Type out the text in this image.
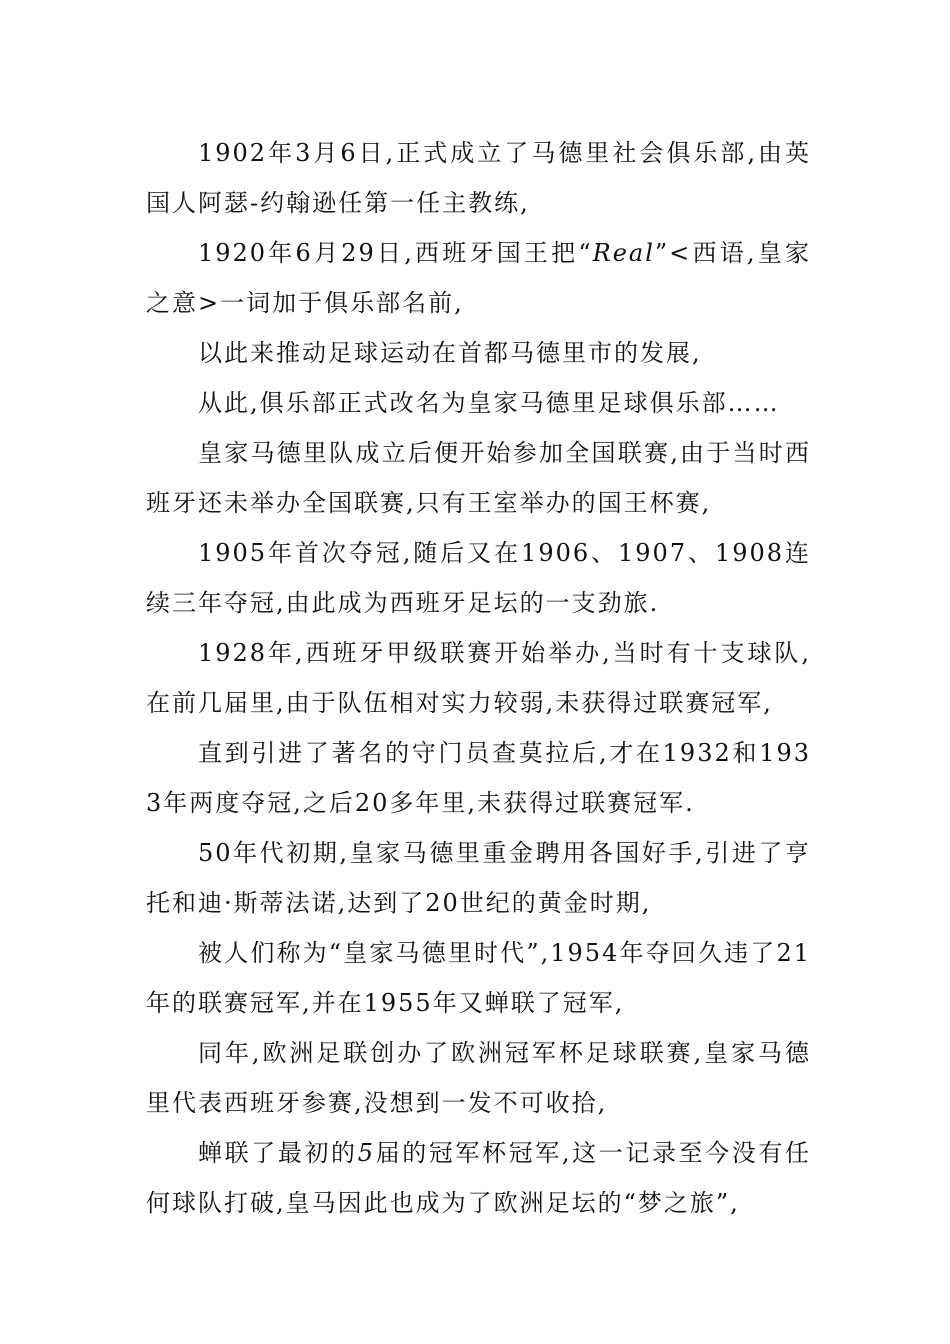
1902年3月6日,正式成立了马德里社会俱乐部,由英国人阿瑟-约翰逊任第一任主教练,

1920年6月29日,西班牙国王把“Real”<西语,皇家之意>一词加于俱乐部名前,

以此来推动足球运动在首都马德里市的发展,

从此,俱乐部正式改名为皇家马德里足球俱乐部……

皇家马德里队成立后便开始参加全国联赛,由于当时西班牙还未举办全国联赛,只有王室举办的国王杯赛,

1905年首次夺冠,随后又在1906、1907、1908连续三年夺冠,由此成为西班牙足坛的一支劲旅.

1928年,西班牙甲级联赛开始举办,当时有十支球队,在前几届里,由于队伍相对实力较弱,未获得过联赛冠军,

直到引进了著名的守门员查莫拉后,才在1932和1933年两度夺冠,之后20多年里,未获得过联赛冠军.

50年代初期,皇家马德里重金聘用各国好手,引进了亨托和迪·斯蒂法诺,达到了20世纪的黄金时期,

被人们称为“皇家马德里时代”,1954年夺回久违了21年的联赛冠军,并在1955年又蝉联了冠军,

同年,欧洲足联创办了欧洲冠军杯足球联赛,皇家马德里代表西班牙参赛,没想到一发不可收拾,

蝉联了最初的5届的冠军杯冠军,这一记录至今没有任何球队打破,皇马因此也成为了欧洲足坛的“梦之旅”,
